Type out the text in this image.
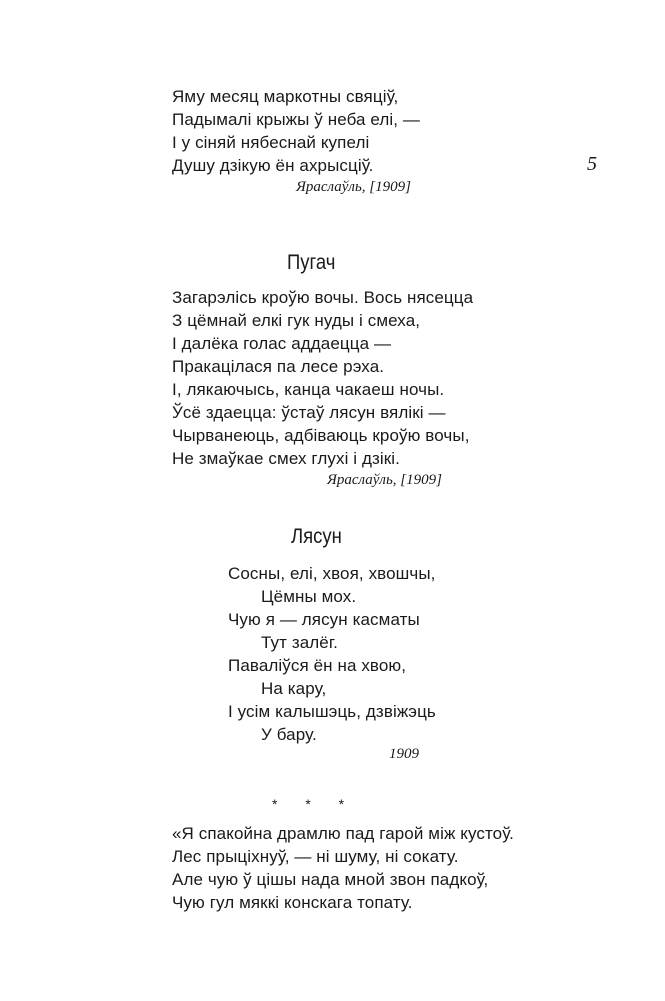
Яму месяц маркотны свяціў,
Падымалі крыжы ў неба елі, —
І у сіняй нябеснай купелі
Душу дзікую ён ахрысціў.
Яраслаўль, [1909]
5
Пугач
Загарэлісь кроўю вочы. Вось нясецца
З цёмнай елкі гук нуды і смеха,
І далёка голас аддаецца —
Пракацілася па лесе рэха.
І, лякаючысь, канца чакаеш ночы.
Ўсё здаецца: ўстаў лясун вялікі —
Чырванеюць, адбіваюць кроўю вочы,
Не змаўкае смех глухі і дзікі.
Яраслаўль, [1909]
Лясун
Сосны, елі, хвоя, хвошчы,
Цёмны мох.
Чую я — лясун касматы
Тут залёг.
Паваліўся ён на хвою,
На кару,
І усім калышэць, дзвіжэць
У бару.
1909
* * *
«Я спакойна драмлю пад гарой між кустоў.
Лес прыціхнуў, — ні шуму, ні сокату.
Але чую ў цішы нада мной звон падкоў,
Чую гул мяккі конскага топату.
